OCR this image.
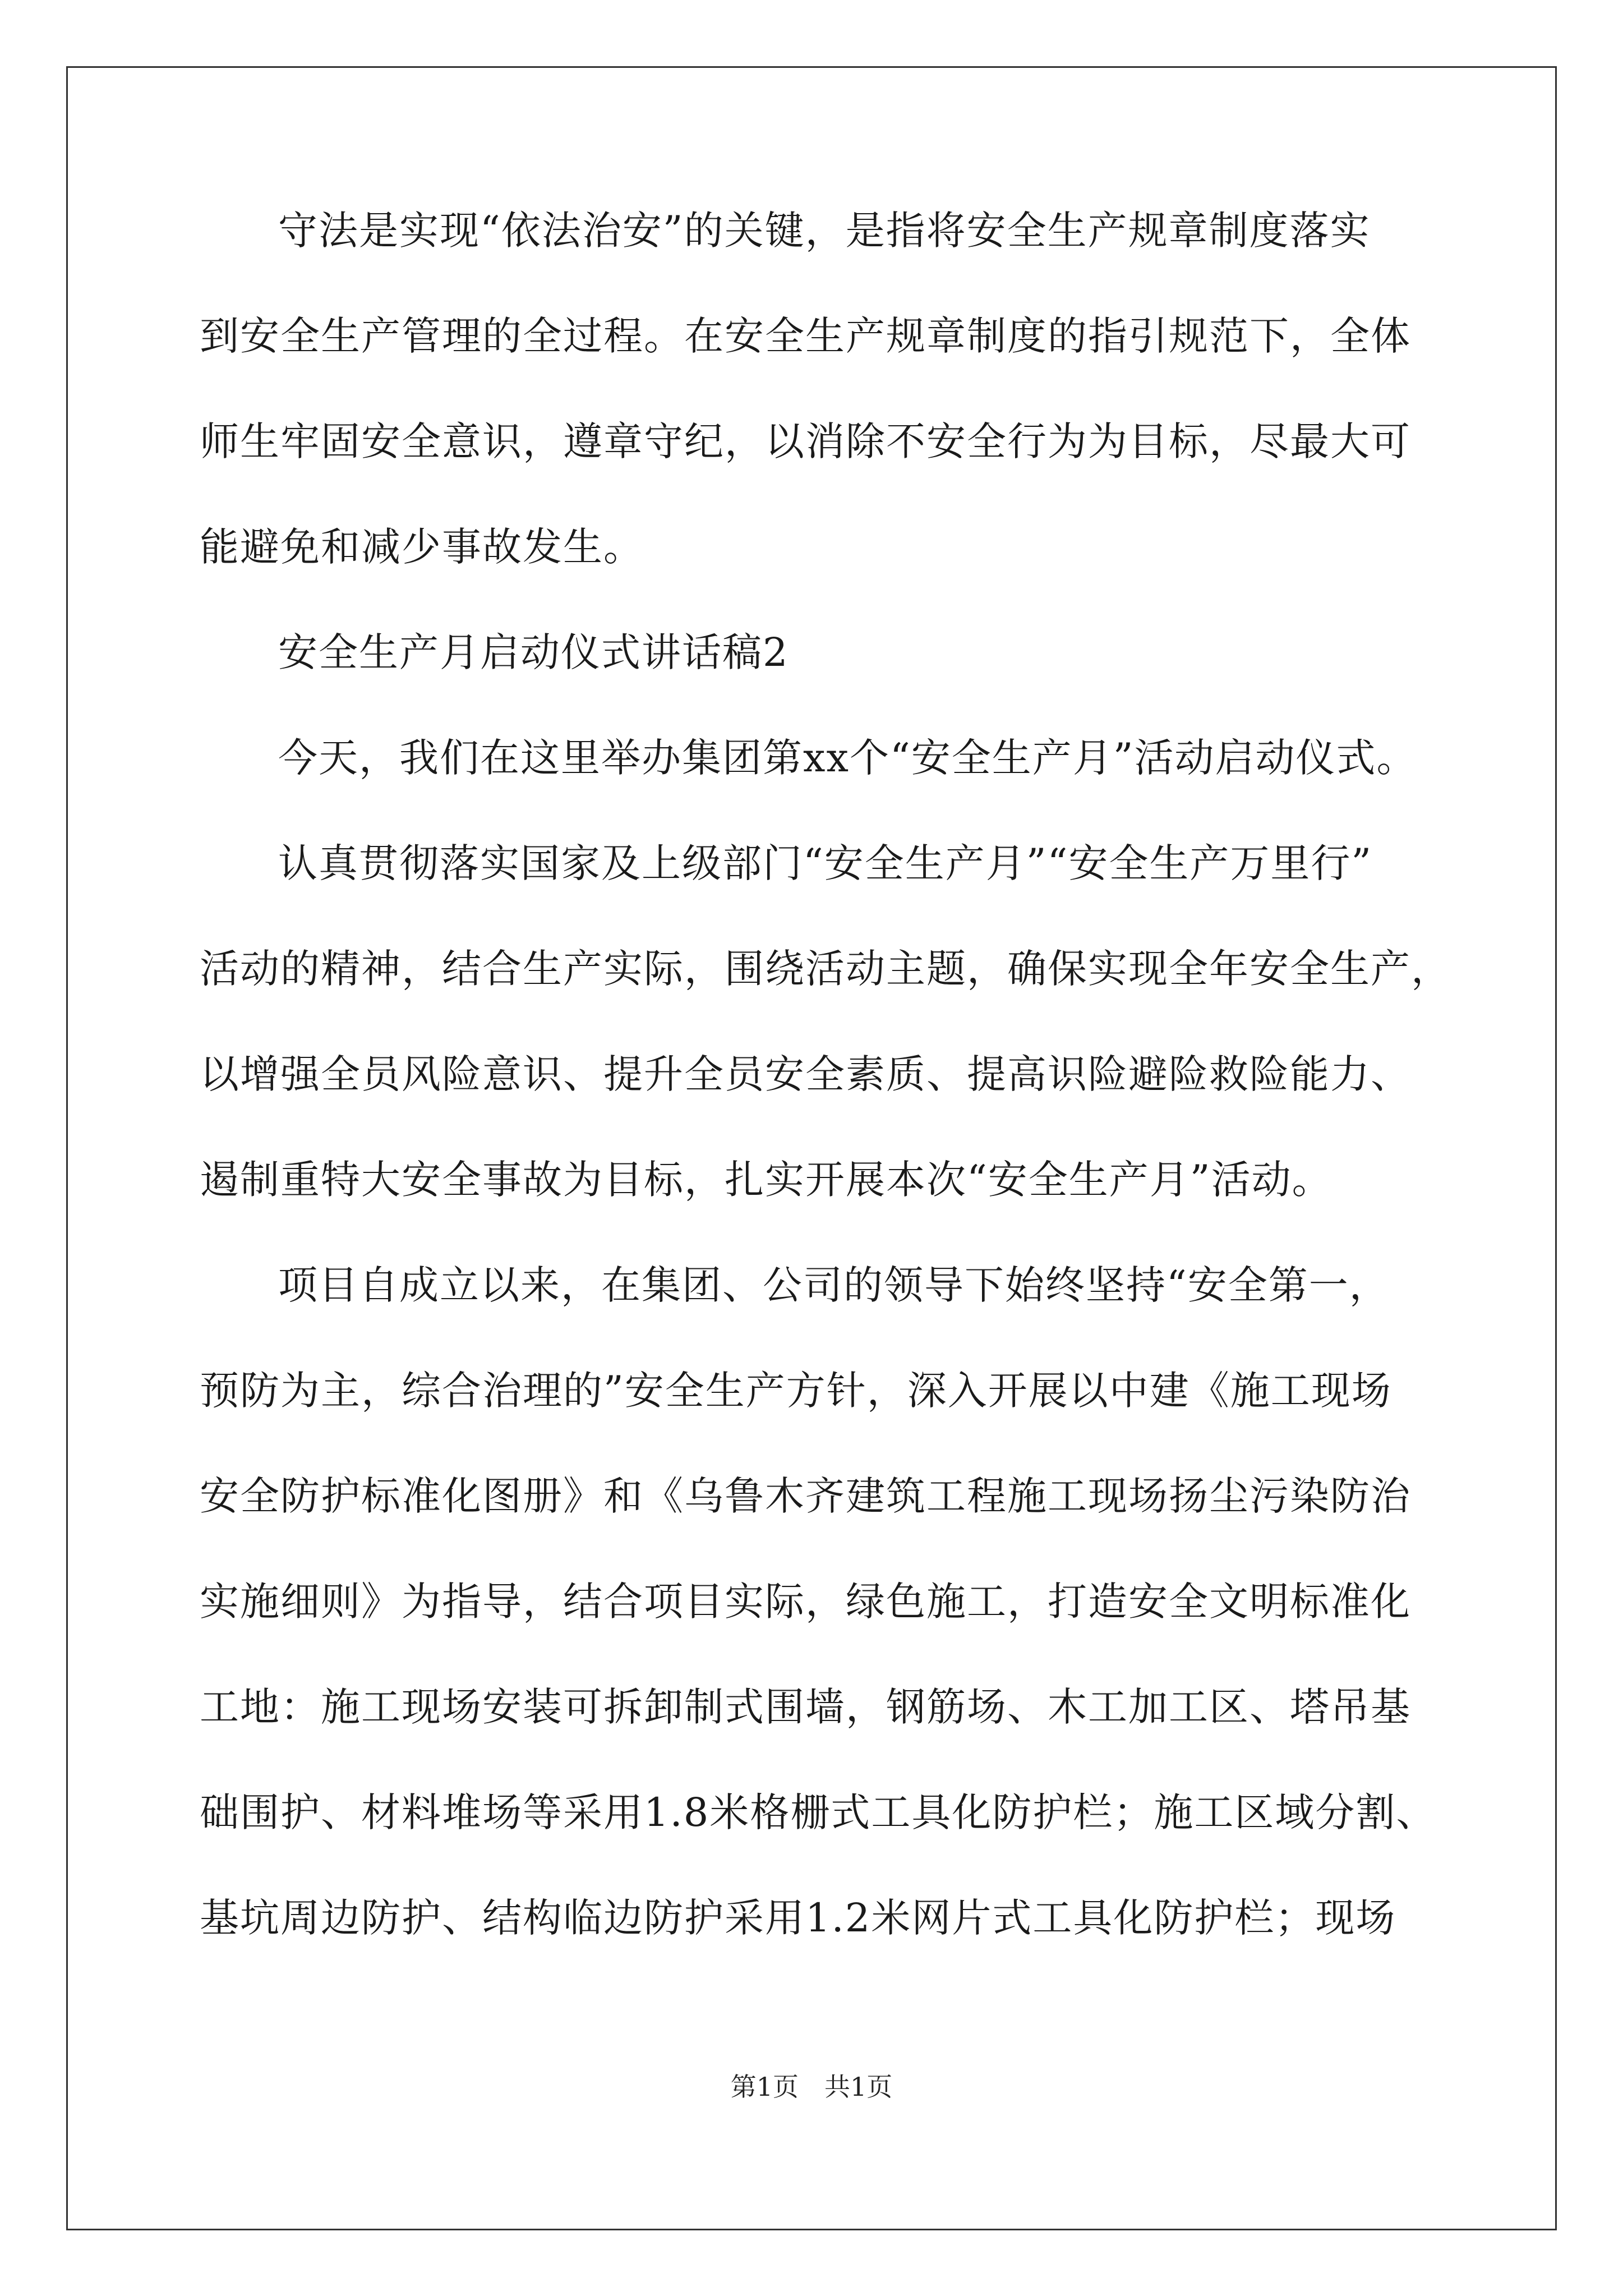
守法是实现“依法治安”的关键，是指将安全生产规章制度落实
到安全生产管理的全过程。在安全生产规章制度的指引规范下，全体
师生牢固安全意识，遵章守纪，以消除不安全行为为目标，尽最大可
能避免和减少事故发生。
安全生产月启动仪式讲话稿2
今天，我们在这里举办集团第xx个“安全生产月”活动启动仪式。
认真贯彻落实国家及上级部门“安全生产月”“安全生产万里行”
活动的精神，结合生产实际，围绕活动主题，确保实现全年安全生产，
以增强全员风险意识、提升全员安全素质、提高识险避险救险能力、
遏制重特大安全事故为目标，扎实开展本次“安全生产月”活动。
项目自成立以来，在集团、公司的领导下始终坚持“安全第一，
预防为主，综合治理的”安全生产方针，深入开展以中建《施工现场
安全防护标准化图册》和《乌鲁木齐建筑工程施工现场扬尘污染防治
实施细则》为指导，结合项目实际，绿色施工，打造安全文明标准化
工地：施工现场安装可拆卸制式围墙，钢筋场、木工加工区、塔吊基
础围护、材料堆场等采用1.8米格栅式工具化防护栏；施工区域分割、
基坑周边防护、结构临边防护采用1.2米网片式工具化防护栏；现场
第1页　共1页
